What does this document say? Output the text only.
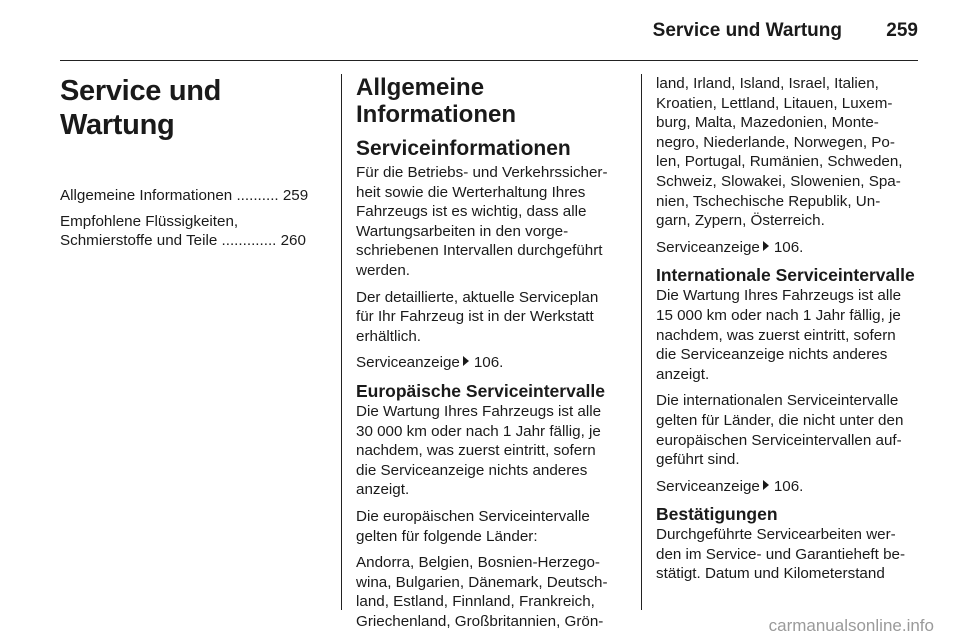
Service und Wartung 259
Service und Wartung
Allgemeine Informationen .......... 259
Empfohlene Flüssigkeiten,
Schmierstoffe und Teile ............. 260
Allgemeine
Informationen
Serviceinformationen

Für die Betriebs- und Verkehrssicher-
heit sowie die Werterhaltung Ihres
Fahrzeugs ist es wichtig, dass alle
Wartungsarbeiten in den vorge-
schriebenen Intervallen durchgeführt
werden.

Der detaillierte, aktuelle Serviceplan
für Ihr Fahrzeug ist in der Werkstatt
erhältlich.

Serviceanzeige 106.

Europäische Serviceintervalle

Die Wartung Ihres Fahrzeugs ist alle
30 000 km oder nach 1 Jahr fällig, je
nachdem, was zuerst eintritt, sofern
die Serviceanzeige nichts anderes
anzeigt.

Die europäischen Serviceintervalle
gelten für folgende Länder:

Andorra, Belgien, Bosnien-Herzego-
wina, Bulgarien, Dänemark, Deutsch-
land, Estland, Finnland, Frankreich,
Griechenland, Großbritannien, Grön-

land, Irland, Island, Israel, Italien,
Kroatien, Lettland, Litauen, Luxem-
burg, Malta, Mazedonien, Monte-
negro, Niederlande, Norwegen, Po-
len, Portugal, Rumänien, Schweden,
Schweiz, Slowakei, Slowenien, Spa-
nien, Tschechische Republik, Un-
garn, Zypern, Österreich.

Serviceanzeige 106.

Internationale Serviceintervalle

Die Wartung Ihres Fahrzeugs ist alle
15 000 km oder nach 1 Jahr fällig, je
nachdem, was zuerst eintritt, sofern
die Serviceanzeige nichts anderes
anzeigt.

Die internationalen Serviceintervalle
gelten für Länder, die nicht unter den
europäischen Serviceintervallen auf-
geführt sind.

Serviceanzeige 106.

Bestätigungen

Durchgeführte Servicearbeiten wer-
den im Service- und Garantieheft be-
stätigt. Datum und Kilometerstand

carmanualsonline.info
